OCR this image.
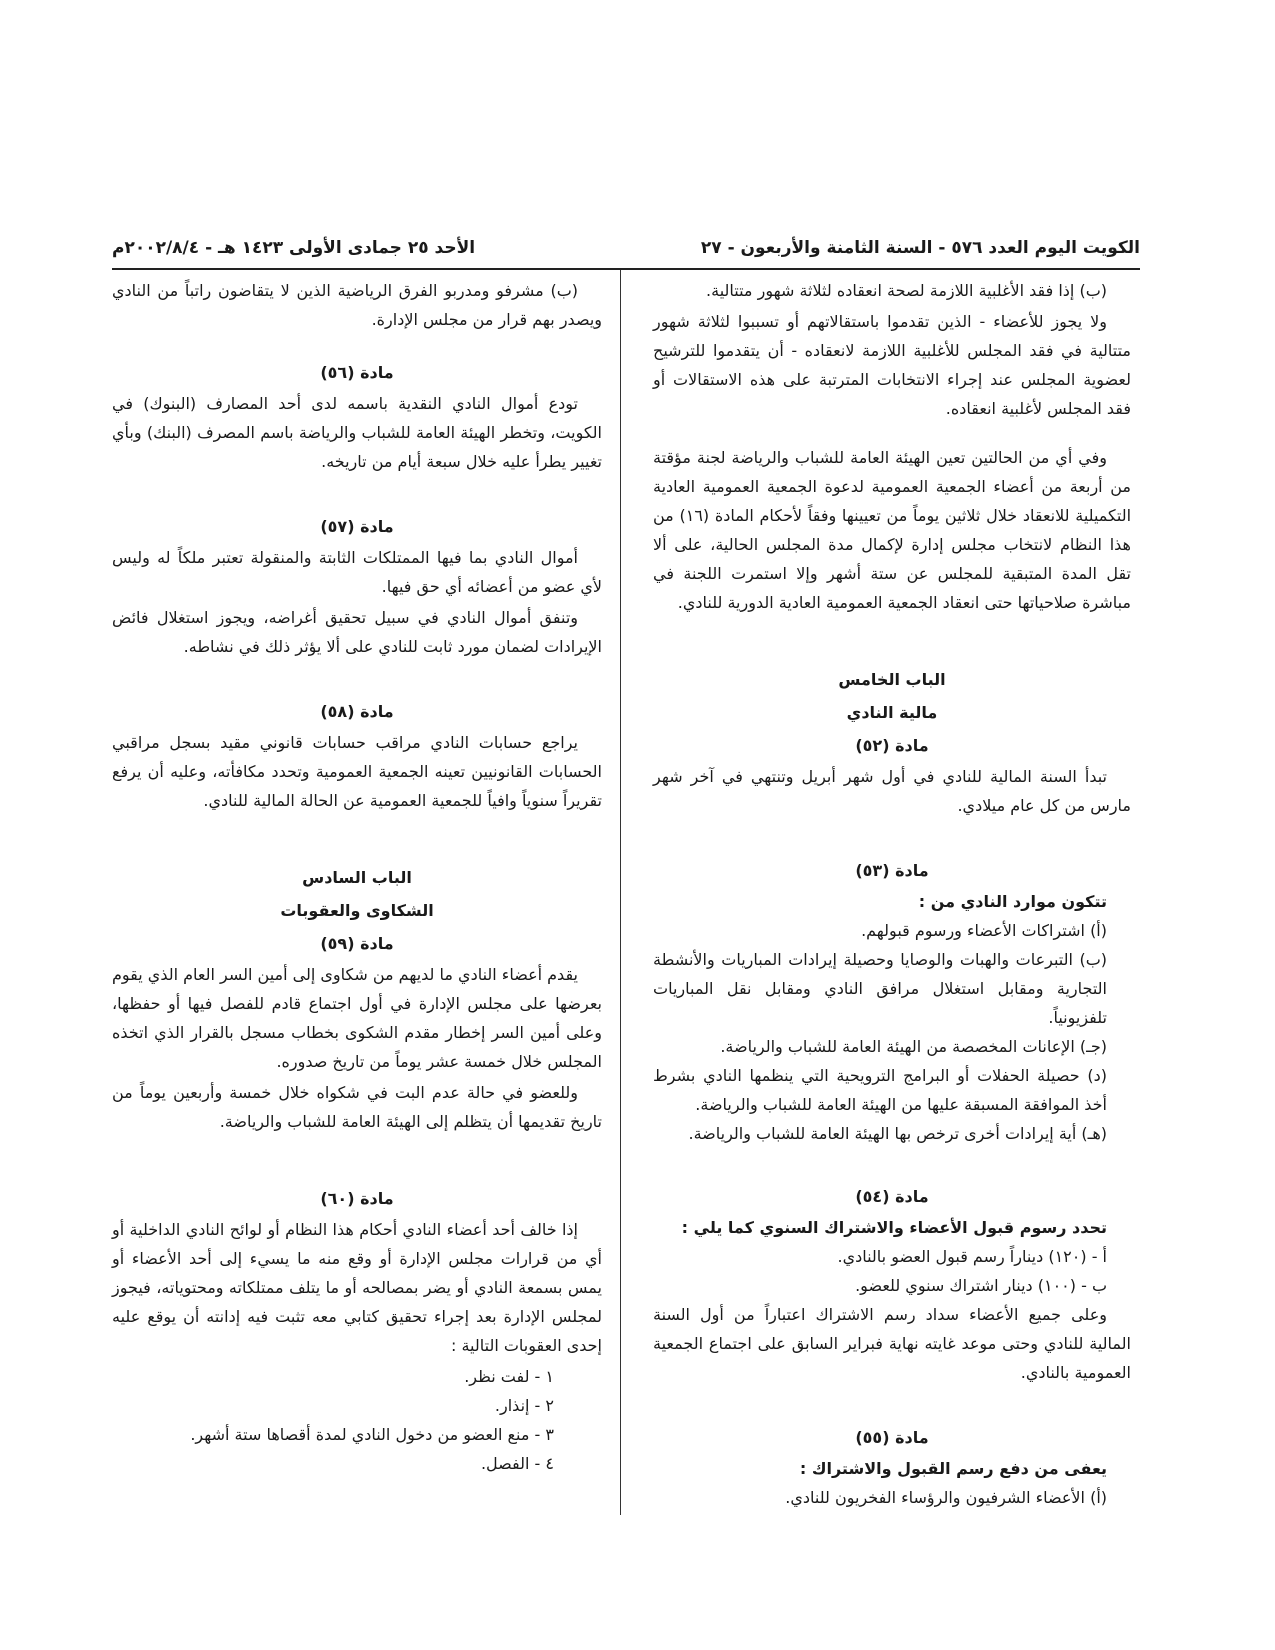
الكويت اليوم العدد ٥٧٦ - السنة الثامنة والأربعون - ٢٧
الأحد ٢٥ جمادى الأولى ١٤٢٣ هـ - ٢٠٠٢/٨/٤م

(ب) إذا فقد الأغلبية اللازمة لصحة انعقاده لثلاثة شهور متتالية.

ولا يجوز للأعضاء - الذين تقدموا باستقالاتهم أو تسببوا لثلاثة شهور متتالية في فقد المجلس للأغلبية اللازمة لانعقاده - أن يتقدموا للترشيح لعضوية المجلس عند إجراء الانتخابات المترتبة على هذه الاستقالات أو فقد المجلس لأغلبية انعقاده.

وفي أي من الحالتين تعين الهيئة العامة للشباب والرياضة لجنة مؤقتة من أربعة من أعضاء الجمعية العمومية لدعوة الجمعية العمومية العادية التكميلية للانعقاد خلال ثلاثين يوماً من تعيينها وفقاً لأحكام المادة (١٦) من هذا النظام لانتخاب مجلس إدارة لإكمال مدة المجلس الحالية، على ألا تقل المدة المتبقية للمجلس عن ستة أشهر وإلا استمرت اللجنة في مباشرة صلاحياتها حتى انعقاد الجمعية العمومية العادية الدورية للنادي.

الباب الخامس
مالية النادي
مادة (٥٢)

تبدأ السنة المالية للنادي في أول شهر أبريل وتنتهي في آخر شهر مارس من كل عام ميلادي.

مادة (٥٣)

تتكون موارد النادي من :

(أ) اشتراكات الأعضاء ورسوم قبولهم.

(ب) التبرعات والهبات والوصايا وحصيلة إيرادات المباريات والأنشطة التجارية ومقابل استغلال مرافق النادي ومقابل نقل المباريات تلفزيونياً.

(جـ) الإعانات المخصصة من الهيئة العامة للشباب والرياضة.

(د) حصيلة الحفلات أو البرامج الترويحية التي ينظمها النادي بشرط أخذ الموافقة المسبقة عليها من الهيئة العامة للشباب والرياضة.

(هـ) أية إيرادات أخرى ترخص بها الهيئة العامة للشباب والرياضة.

مادة (٥٤)

تحدد رسوم قبول الأعضاء والاشتراك السنوي كما يلي :

أ - (١٢٠) ديناراً رسم قبول العضو بالنادي.

ب - (١٠٠) دينار اشتراك سنوي للعضو.

وعلى جميع الأعضاء سداد رسم الاشتراك اعتباراً من أول السنة المالية للنادي وحتى موعد غايته نهاية فبراير السابق على اجتماع الجمعية العمومية بالنادي.

مادة (٥٥)

يعفى من دفع رسم القبول والاشتراك :

(أ) الأعضاء الشرفيون والرؤساء الفخريون للنادي.

(ب) مشرفو ومدربو الفرق الرياضية الذين لا يتقاضون راتباً من النادي ويصدر بهم قرار من مجلس الإدارة.

مادة (٥٦)

تودع أموال النادي النقدية باسمه لدى أحد المصارف (البنوك) في الكويت، وتخطر الهيئة العامة للشباب والرياضة باسم المصرف (البنك) وبأي تغيير يطرأ عليه خلال سبعة أيام من تاريخه.

مادة (٥٧)

أموال النادي بما فيها الممتلكات الثابتة والمنقولة تعتبر ملكاً له وليس لأي عضو من أعضائه أي حق فيها.

وتنفق أموال النادي في سبيل تحقيق أغراضه، ويجوز استغلال فائض الإيرادات لضمان مورد ثابت للنادي على ألا يؤثر ذلك في نشاطه.

مادة (٥٨)

يراجع حسابات النادي مراقب حسابات قانوني مقيد بسجل مراقبي الحسابات القانونيين تعينه الجمعية العمومية وتحدد مكافأته، وعليه أن يرفع تقريراً سنوياً وافياً للجمعية العمومية عن الحالة المالية للنادي.

الباب السادس
الشكاوى والعقوبات
مادة (٥٩)

يقدم أعضاء النادي ما لديهم من شكاوى إلى أمين السر العام الذي يقوم بعرضها على مجلس الإدارة في أول اجتماع قادم للفصل فيها أو حفظها، وعلى أمين السر إخطار مقدم الشكوى بخطاب مسجل بالقرار الذي اتخذه المجلس خلال خمسة عشر يوماً من تاريخ صدوره.

وللعضو في حالة عدم البت في شكواه خلال خمسة وأربعين يوماً من تاريخ تقديمها أن يتظلم إلى الهيئة العامة للشباب والرياضة.

مادة (٦٠)

إذا خالف أحد أعضاء النادي أحكام هذا النظام أو لوائح النادي الداخلية أو أي من قرارات مجلس الإدارة أو وقع منه ما يسيء إلى أحد الأعضاء أو يمس بسمعة النادي أو يضر بمصالحه أو ما يتلف ممتلكاته ومحتوياته، فيجوز لمجلس الإدارة بعد إجراء تحقيق كتابي معه تثبت فيه إدانته أن يوقع عليه إحدى العقوبات التالية :

١ - لفت نظر.

٢ - إنذار.

٣ - منع العضو من دخول النادي لمدة أقصاها ستة أشهر.

٤ - الفصل.
